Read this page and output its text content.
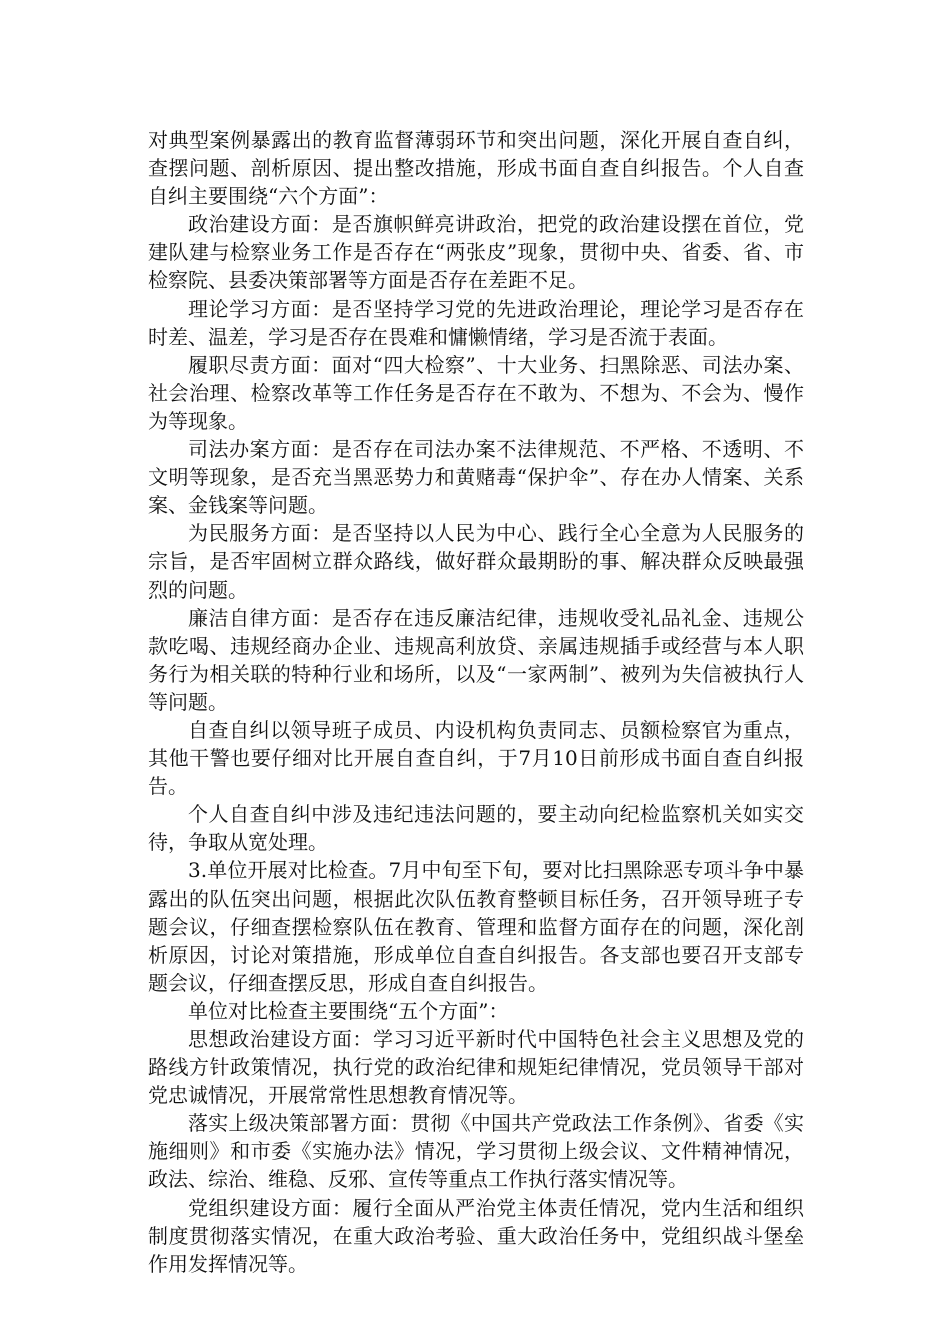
对典型案例暴露出的教育监督薄弱环节和突出问题，深化开展自查自纠，查摆问题、剖析原因、提出整改措施，形成书面自查自纠报告。个人自查自纠主要围绕“六个方面”：

政治建设方面：是否旗帜鲜亮讲政治，把党的政治建设摆在首位，党建队建与检察业务工作是否存在“两张皮”现象，贯彻中央、省委、省、市检察院、县委决策部署等方面是否存在差距不足。

理论学习方面：是否坚持学习党的先进政治理论，理论学习是否存在时差、温差，学习是否存在畏难和慵懒情绪，学习是否流于表面。

履职尽责方面：面对“四大检察”、十大业务、扫黑除恶、司法办案、社会治理、检察改革等工作任务是否存在不敢为、不想为、不会为、慢作为等现象。

司法办案方面：是否存在司法办案不法律规范、不严格、不透明、不文明等现象，是否充当黑恶势力和黄赌毒“保护伞”、存在办人情案、关系案、金钱案等问题。

为民服务方面：是否坚持以人民为中心、践行全心全意为人民服务的宗旨，是否牢固树立群众路线，做好群众最期盼的事、解决群众反映最强烈的问题。

廉洁自律方面：是否存在违反廉洁纪律，违规收受礼品礼金、违规公款吃喝、违规经商办企业、违规高利放贷、亲属违规插手或经营与本人职务行为相关联的特种行业和场所，以及“一家两制”、被列为失信被执行人等问题。

自查自纠以领导班子成员、内设机构负责同志、员额检察官为重点，其他干警也要仔细对比开展自查自纠，于7月10日前形成书面自查自纠报告。

个人自查自纠中涉及违纪违法问题的，要主动向纪检监察机关如实交待，争取从宽处理。

3.单位开展对比检查。7月中旬至下旬，要对比扫黑除恶专项斗争中暴露出的队伍突出问题，根据此次队伍教育整顿目标任务，召开领导班子专题会议，仔细查摆检察队伍在教育、管理和监督方面存在的问题，深化剖析原因，讨论对策措施，形成单位自查自纠报告。各支部也要召开支部专题会议，仔细查摆反思，形成自查自纠报告。

单位对比检查主要围绕“五个方面”：

思想政治建设方面：学习习近平新时代中国特色社会主义思想及党的路线方针政策情况，执行党的政治纪律和规矩纪律情况，党员领导干部对党忠诚情况，开展常常性思想教育情况等。

落实上级决策部署方面：贯彻《中国共产党政法工作条例》、省委《实施细则》和市委《实施办法》情况，学习贯彻上级会议、文件精神情况，政法、综治、维稳、反邪、宣传等重点工作执行落实情况等。

党组织建设方面：履行全面从严治党主体责任情况，党内生活和组织制度贯彻落实情况，在重大政治考验、重大政治任务中，党组织战斗堡垒作用发挥情况等。
